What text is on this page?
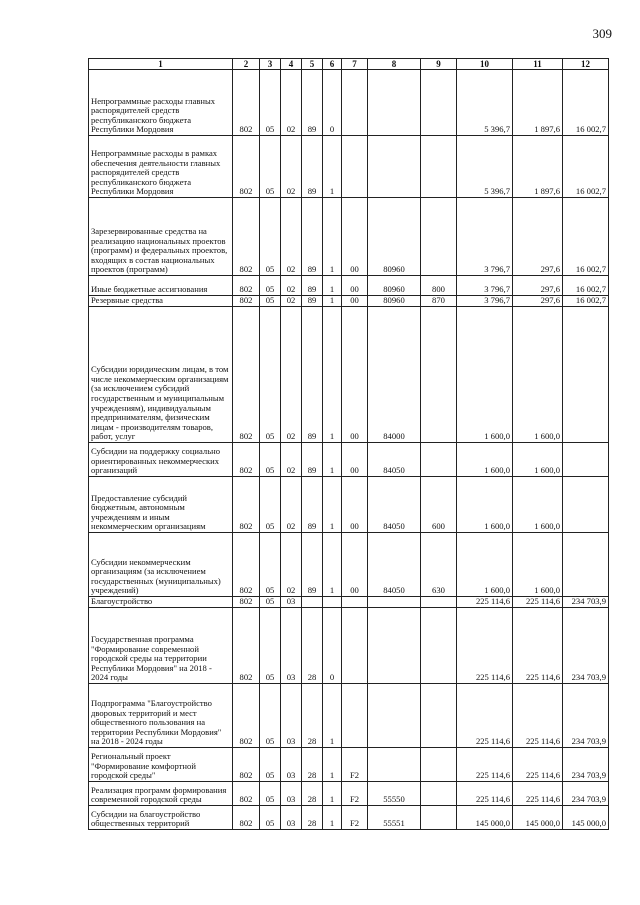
309
1	2	3	4	5	6	7	8	9	10	11	12
Непрограммные расходы главных распорядителей средств республиканского бюджета Республики Мордовия	802	05	02	89	0				5 396,7	1 897,6	16 002,7
Непрограммные расходы в рамках обеспечения деятельности главных распорядителей средств республиканского бюджета Республики Мордовия	802	05	02	89	1				5 396,7	1 897,6	16 002,7
Зарезервированные средства на реализацию национальных проектов (программ) и федеральных проектов, входящих в состав национальных проектов (программ)	802	05	02	89	1	00	80960		3 796,7	297,6	16 002,7
Иные бюджетные ассигнования	802	05	02	89	1	00	80960	800	3 796,7	297,6	16 002,7
Резервные средства	802	05	02	89	1	00	80960	870	3 796,7	297,6	16 002,7
Субсидии юридическим лицам, в том числе некоммерческим организациям (за исключением субсидий государственным и муниципальным учреждениям), индивидуальным предпринимателям, физическим лицам - производителям товаров, работ, услуг	802	05	02	89	1	00	84000		1 600,0	1 600,0	
Субсидии на поддержку социально ориентированных некоммерческих организаций	802	05	02	89	1	00	84050		1 600,0	1 600,0	
Предоставление субсидий бюджетным, автономным учреждениям и иным некоммерческим организациям	802	05	02	89	1	00	84050	600	1 600,0	1 600,0	
Субсидии некоммерческим организациям (за исключением государственных (муниципальных) учреждений)	802	05	02	89	1	00	84050	630	1 600,0	1 600,0	
Благоустройство	802	05	03						225 114,6	225 114,6	234 703,9
Государственная программа "Формирование современной городской среды на территории Республики Мордовия" на 2018 - 2024 годы	802	05	03	28	0				225 114,6	225 114,6	234 703,9
Подпрограмма "Благоустройство дворовых территорий и мест общественного пользования на территории Республики Мордовия" на 2018 - 2024 годы	802	05	03	28	1				225 114,6	225 114,6	234 703,9
Региональный проект "Формирование комфортной городской среды"	802	05	03	28	1	F2			225 114,6	225 114,6	234 703,9
Реализация программ формирования современной городской среды	802	05	03	28	1	F2	55550		225 114,6	225 114,6	234 703,9
Субсидии на благоустройство общественных территорий	802	05	03	28	1	F2	55551		145 000,0	145 000,0	145 000,0
